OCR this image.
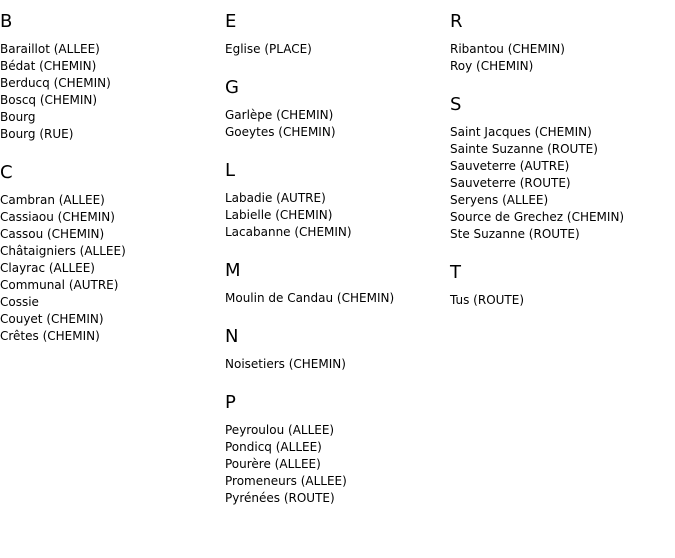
B
Baraillot (ALLEE)
Bédat (CHEMIN)
Berducq (CHEMIN)
Boscq (CHEMIN)
Bourg
Bourg (RUE)
C
Cambran (ALLEE)
Cassiaou (CHEMIN)
Cassou (CHEMIN)
Châtaigniers (ALLEE)
Clayrac (ALLEE)
Communal (AUTRE)
Cossie
Couyet (CHEMIN)
Crêtes (CHEMIN)
E
Eglise (PLACE)
G
Garlèpe (CHEMIN)
Goeytes (CHEMIN)
L
Labadie (AUTRE)
Labielle (CHEMIN)
Lacabanne (CHEMIN)
M
Moulin de Candau (CHEMIN)
N
Noisetiers (CHEMIN)
P
Peyroulou (ALLEE)
Pondicq (ALLEE)
Pourère (ALLEE)
Promeneurs (ALLEE)
Pyrénées (ROUTE)
R
Ribantou (CHEMIN)
Roy (CHEMIN)
S
Saint Jacques (CHEMIN)
Sainte Suzanne (ROUTE)
Sauveterre (AUTRE)
Sauveterre (ROUTE)
Seryens (ALLEE)
Source de Grechez (CHEMIN)
Ste Suzanne (ROUTE)
T
Tus (ROUTE)
